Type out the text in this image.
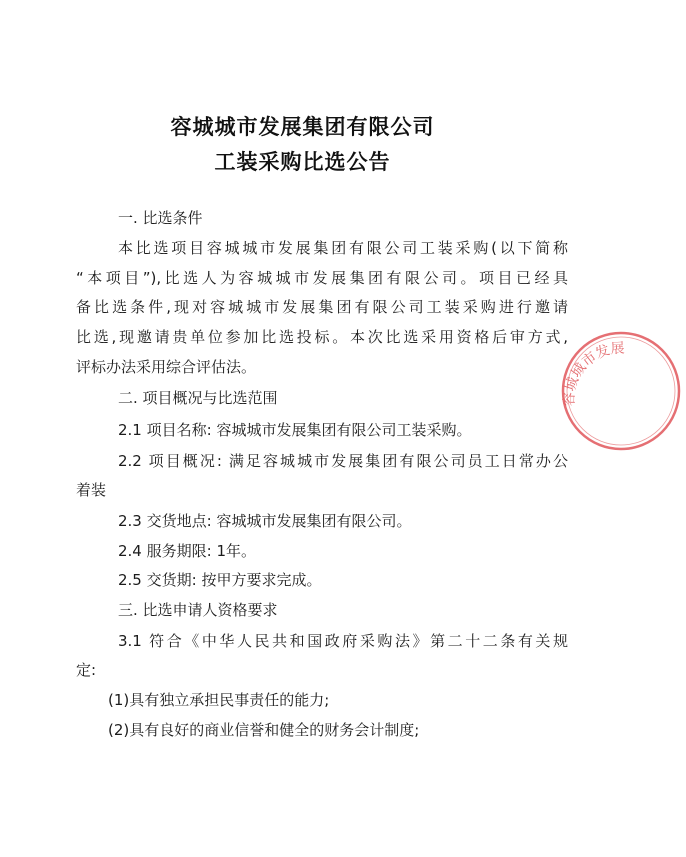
容城城市发展集团有限公司
工装采购比选公告

一. 比选条件

本比选项目容城城市发展集团有限公司工装采购(以下简称

“本项目”),比选人为容城城市发展集团有限公司。项目已经具

备比选条件,现对容城城市发展集团有限公司工装采购进行邀请

比选,现邀请贵单位参加比选投标。本次比选采用资格后审方式,

评标办法采用综合评估法。

二. 项目概况与比选范围

2.1 项目名称: 容城城市发展集团有限公司工装采购。

2.2 项目概况: 满足容城城市发展集团有限公司员工日常办公

着装

2.3 交货地点: 容城城市发展集团有限公司。

2.4 服务期限: 1年。

2.5 交货期: 按甲方要求完成。

三. 比选申请人资格要求

3.1 符合《中华人民共和国政府采购法》第二十二条有关规

定:

(1)具有独立承担民事责任的能力;

(2)具有良好的商业信誉和健全的财务会计制度;

容城城市发展
